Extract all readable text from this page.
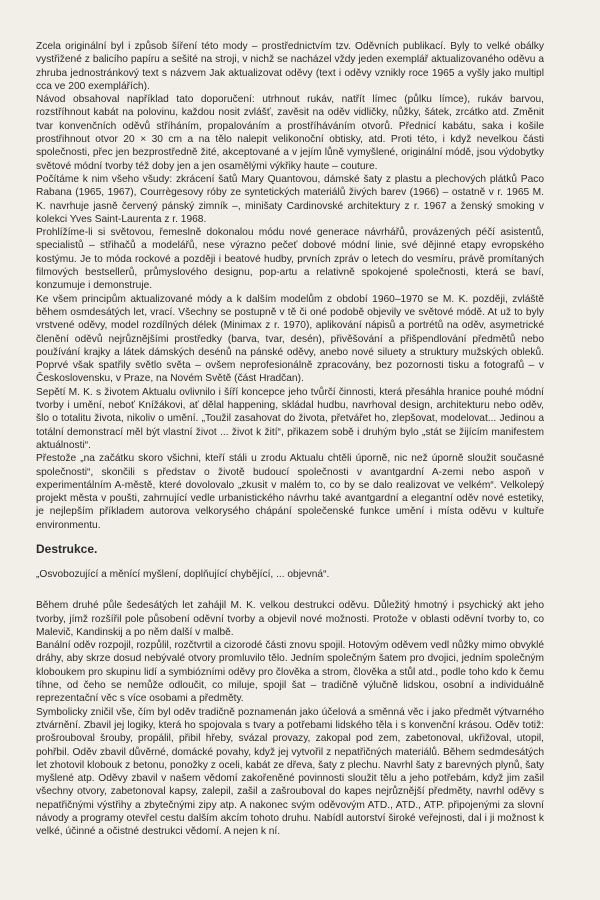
Zcela originální byl i způsob šíření této mody – prostřednictvím tzv. Oděvních publikací. Byly to velké obálky vystřižené z balicího papíru a sešité na stroji, v nichž se nacházel vždy jeden exemplář aktualizovaného oděvu a zhruba jednostránkový text s názvem Jak aktualizovat oděvy (text i oděvy vznikly roce 1965 a vyšly jako multipl cca ve 200 exemplářích).

Návod obsahoval například tato doporučení: utrhnout rukáv, natřít límec (půlku límce), rukáv barvou, rozstříhnout kabát na polovinu, každou nosit zvlášť, zavěsit na oděv vidličky, nůžky, šátek, zrcátko atd. Změnit tvar konvenčních oděvů stříháním, propalováním a prostříháváním otvorů. Přednicí kabátu, saka i košile prostřihnout otvor 20 × 30 cm a na tělo nalepit velikonoční obtisky, atd. Proti této, i když nevelkou části společnosti, přec jen bezprostředně žité, akceptované a v jejím lůně vymyšlené, originální módě, jsou výdobytky světové módní tvorby též doby jen a jen osamělými výkřiky haute – couture.

Počítáme k nim všeho všudy: zkrácení šatů Mary Quantovou, dámské šaty z plastu a plechových plátků Paco Rabana (1965, 1967), Courrègesovy róby ze syntetických materiálů živých barev (1966) – ostatně v r. 1965 M. K. navrhuje jasně červený pánský zimník –, minišaty Cardinovské architektury z r. 1967 a ženský smoking v kolekci Yves Saint-Laurenta z r. 1968.

Prohlížíme-li si světovou, řemeslně dokonalou módu nové generace návrhářů, provázených péčí asistentů, specialistů – střihačů a modelářů, nese výrazno pečeť dobové módní linie, své dějinné etapy evropského kostýmu. Je to móda rockové a později i beatové hudby, prvních zpráv o letech do vesmíru, právě promítaných filmových bestsellerů, průmyslového designu, pop-artu a relativně spokojené společnosti, která se baví, konzumuje i demonstruje.

Ke všem principům aktualizované módy a k dalším modelům z období 1960–1970 se M. K. později, zvláště během osmdesátých let, vrací. Všechny se postupně v tě či oné podobě objevily ve světové módě. At už to byly vrstvené oděvy, model rozdílných délek (Minimax z r. 1970), aplikování nápisů a portrétů na oděv, asymetrické členění oděvů nejrůznějšími prostředky (barva, tvar, desén), přivěšování a přišpendlování předmětů nebo používání krajky a látek dámských desénů na pánské oděvy, anebo nové siluety a struktury mužských obleků. Poprvé však spatřily světlo světa – ovšem neprofesionálně zpracovány, bez pozornosti tisku a fotografů – v Československu, v Praze, na Novém Světě (část Hradčan).

Sepětí M. K. s životem Aktualu ovlivnilo i šíří koncepce jeho tvůrčí činnosti, která přesáhla hranice pouhé módní tvorby i umění, neboť Knížákovi, ať dělal happening, skládal hudbu, navrhoval design, architekturu nebo oděv, šlo o totalitu života, nikoliv o umění. „Toužil zasahovat do života, přetvářet ho, zlepšovat, modelovat... Jedinou a totální demonstrací měl být vlastní život ... život k žití“, přikazem sobě i druhým bylo „stát se žijícím manifestem aktuálnosti“.

Přestože „na začátku skoro všichni, kteří stáli u zrodu Aktualu chtěli úporně, nic než úporně sloužit současné společnosti“, skončili s představ o životě budoucí společnosti v avantgardní A-zemi nebo aspoň v experimentálním A-městě, které dovolovalo „zkusit v malém to, co by se dalo realizovat ve velkém“. Velkolepý projekt města v poušti, zahrnující vedle urbanistického návrhu také avantgardní a elegantní oděv nové estetiky, je nejlepším příkladem autorova velkorysého chápání společenské funkce umění i místa oděvu v kultuře environmentu.

Destrukce.
„Osvobozující a měnící myšlení, doplňující chybějící, ... objevná“.

Během druhé půle šedesátých let zahájil M. K. velkou destrukci oděvu. Důležitý hmotný i psychický akt jeho tvorby, jímž rozšířil pole působení oděvní tvorby a objevil nové možnosti. Protože v oblasti oděvní tvorby to, co Malevič, Kandinskij a po něm další v malbě.

Banální oděv rozpojil, rozpůlil, rozčtvrtil a cizorodé části znovu spojil. Hotovým oděvem vedl nůžky mimo obvyklé dráhy, aby skrze dosud nebývalé otvory promluvilo tělo. Jedním společným šatem pro dvojici, jedním společným kloboukem pro skupinu lidí a symbiózními oděvy pro člověka a strom, člověka a stůl atd., podle toho kdo k čemu tíhne, od čeho se nemůže odloučit, co miluje, spojil šat – tradičně výlučně lidskou, osobní a individuálně reprezentační věc s více osobami a předměty.

Symbolicky zničil vše, čím byl oděv tradičně poznamenán jako účelová a směnná věc i jako předmět výtvarného ztvárnění. Zbavil jej logiky, která ho spojovala s tvary a potřebami lidského těla i s konvenční krásou. Oděv totiž: prošrouboval šrouby, propálil, přibil hřeby, svázal provazy, zakopal pod zem, zabetonoval, ukřižoval, utopil, pohřbil. Oděv zbavil důvěrné, domácké povahy, když jej vytvořil z nepatřičných materiálů. Během sedmdesátých let zhotovil klobouk z betonu, ponožky z oceli, kabát ze dřeva, šaty z plechu. Navrhl šaty z barevných plynů, šaty myšlené atp. Oděvy zbavil v našem vědomí zakořeněné povinnosti sloužit tělu a jeho potřebám, když jim zašil všechny otvory, zabetonoval kapsy, zalepil, zašil a zašrouboval do kapes nejrůznější předměty, navrhl oděvy s nepatřičnými výstřihy a zbytečnými zipy atp. A nakonec svým oděvovým ATD., ATD., ATP. připojenými za slovní návody a programy otevřel cestu dalším akcím tohoto druhu. Nabídl autorství široké veřejnosti, dal i ji možnost k velké, účinné a očistné destrukci vědomí. A nejen k ní.
